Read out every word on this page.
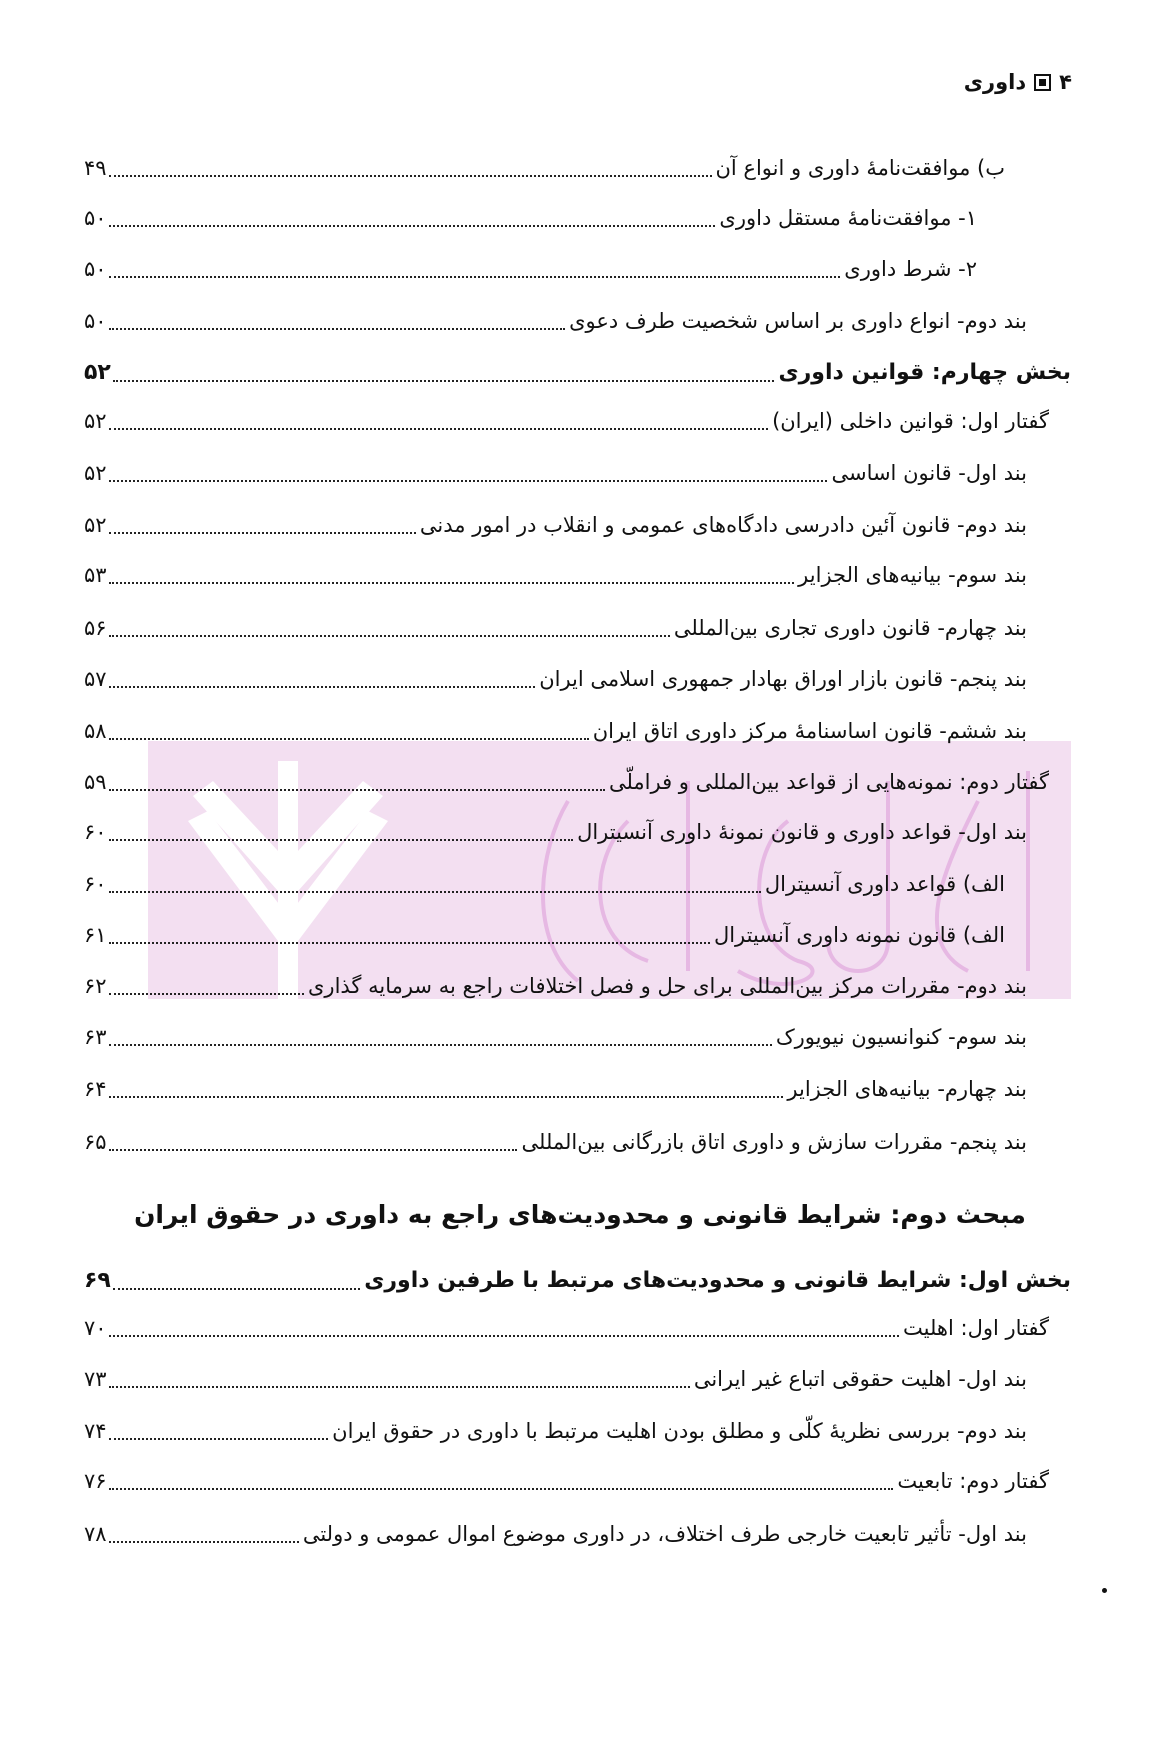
۴
داوری
ب) موافقت‌نامهٔ داوری و انواع آن
۴۹
۱- موافقت‌نامهٔ مستقل داوری
۵۰
۲- شرط داوری
۵۰
بند دوم- انواع داوری بر اساس شخصیت طرف دعوی
۵۰
بخش چهارم: قوانین داوری
۵۲
گفتار اول: قوانین داخلی (ایران)
۵۲
بند اول- قانون اساسی
۵۲
بند دوم- قانون آئین دادرسی دادگاه‌های عمومی و انقلاب در امور مدنی
۵۲
بند سوم- بیانیه‌های الجزایر
۵۳
بند چهارم- قانون داوری تجاری بین‌المللی
۵۶
بند پنجم- قانون بازار اوراق بهادار جمهوری اسلامی ایران
۵۷
بند ششم- قانون اساسنامهٔ مرکز داوری اتاق ایران
۵۸
گفتار دوم: نمونه‌هایی از قواعد بین‌المللی و فراملّی
۵۹
بند اول- قواعد داوری و قانون نمونهٔ داوری آنسیترال
۶۰
الف) قواعد داوری آنسیترال
۶۰
الف) قانون نمونه داوری آنسیترال
۶۱
بند دوم- مقررات مرکز بین‌المللی برای حل و فصل اختلافات راجع به سرمایه گذاری
۶۲
بند سوم- کنوانسیون نیویورک
۶۳
بند چهارم- بیانیه‌های الجزایر
۶۴
بند پنجم- مقررات سازش و داوری اتاق بازرگانی بین‌المللی
۶۵
مبحث دوم: شرایط قانونی و محدودیت‌های راجع به داوری در حقوق ایران
بخش اول: شرایط قانونی و محدودیت‌های مرتبط با طرفین داوری
۶۹
گفتار اول: اهلیت
۷۰
بند اول- اهلیت حقوقی اتباع غیر ایرانی
۷۳
بند دوم- بررسی نظریهٔ کلّی و مطلق بودن اهلیت مرتبط با داوری در حقوق ایران
۷۴
گفتار دوم: تابعیت
۷۶
بند اول- تأثیر تابعیت خارجی طرف اختلاف، در داوری موضوع اموال عمومی و دولتی
۷۸
